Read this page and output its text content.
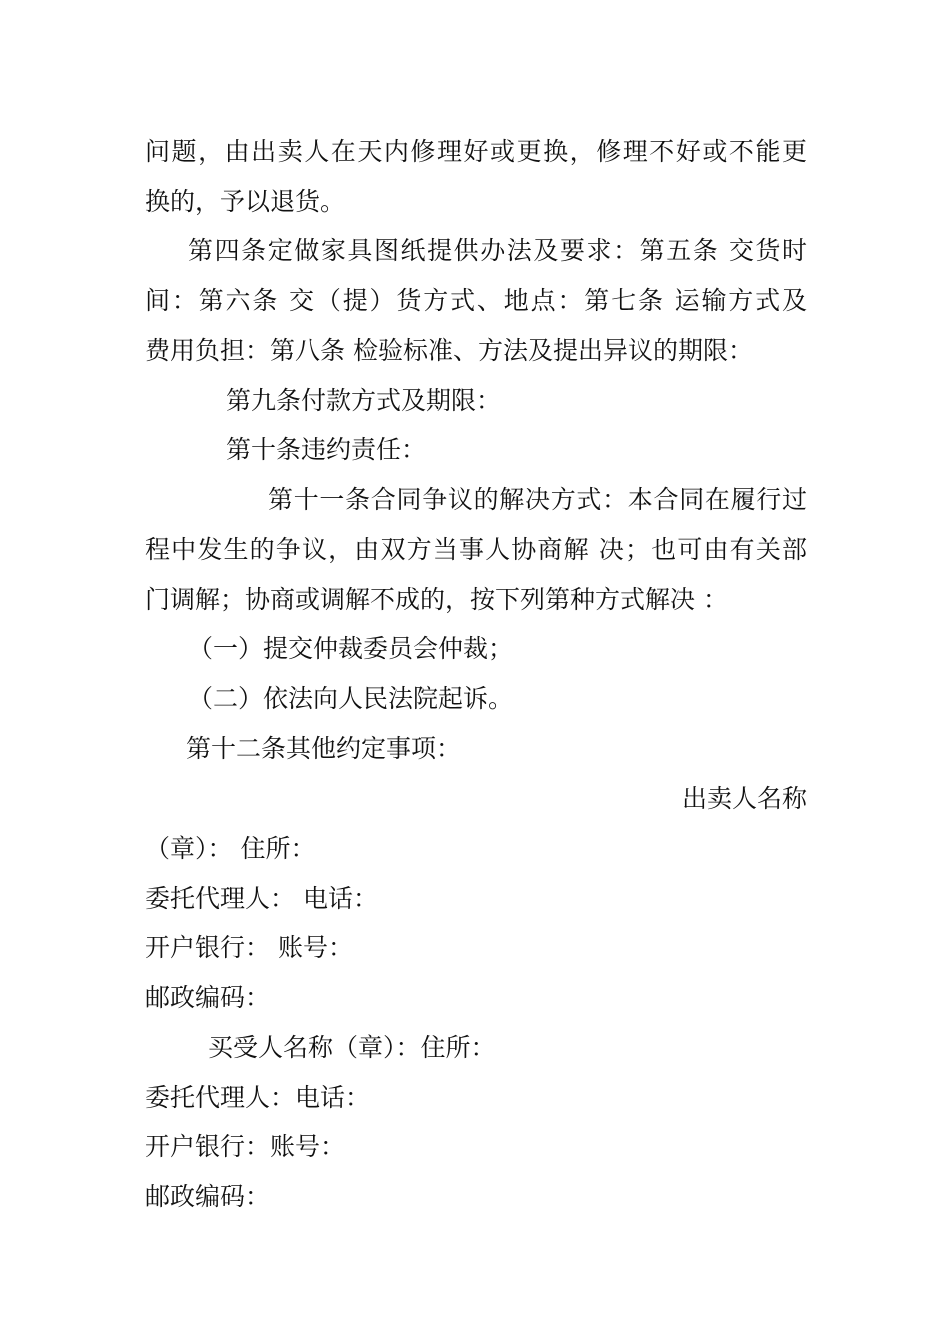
问题，由出卖人在天内修理好或更换，修理不好或不能更
换的，予以退货。
第四条定做家具图纸提供办法及要求：第五条 交货时
间：第六条 交（提）货方式、地点：第七条 运输方式及
费用负担：第八条 检验标准、方法及提出异议的期限：
第九条付款方式及期限：
第十条违约责任：
第十一条合同争议的解决方式：本合同在履行过
程中发生的争议，由双方当事人协商解 决；也可由有关部
门调解；协商或调解不成的，按下列第种方式解决 ：
（一）提交仲裁委员会仲裁；
（二）依法向人民法院起诉。
第十二条其他约定事项：
出卖人名称
（章）： 住所：
委托代理人： 电话：
开户银行： 账号：
邮政编码：
买受人名称（章）：住所：
委托代理人：电话：
开户银行：账号：
邮政编码：
